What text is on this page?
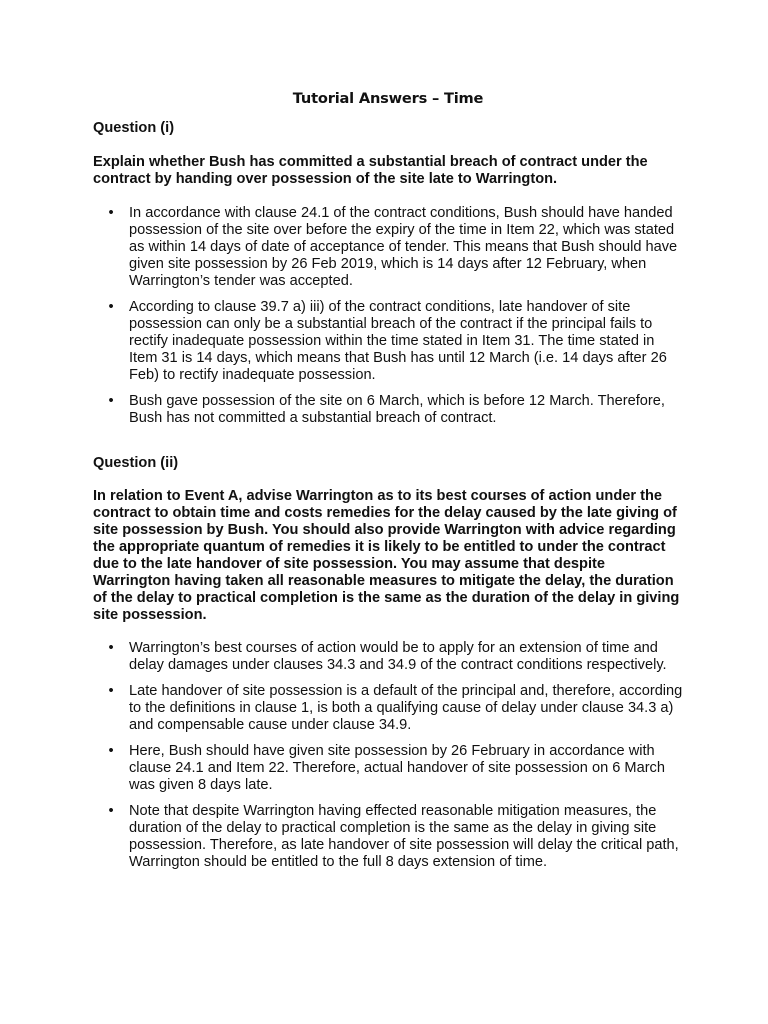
Tutorial Answers – Time
Question (i)
Explain whether Bush has committed a substantial breach of contract under the contract by handing over possession of the site late to Warrington.
• In accordance with clause 24.1 of the contract conditions, Bush should have handed possession of the site over before the expiry of the time in Item 22, which was stated as within 14 days of date of acceptance of tender. This means that Bush should have given site possession by 26 Feb 2019, which is 14 days after 12 February, when Warrington’s tender was accepted.
• According to clause 39.7 a) iii) of the contract conditions, late handover of site possession can only be a substantial breach of the contract if the principal fails to rectify inadequate possession within the time stated in Item 31. The time stated in Item 31 is 14 days, which means that Bush has until 12 March (i.e. 14 days after 26 Feb) to rectify inadequate possession.
• Bush gave possession of the site on 6 March, which is before 12 March. Therefore, Bush has not committed a substantial breach of contract.
Question (ii)
In relation to Event A, advise Warrington as to its best courses of action under the contract to obtain time and costs remedies for the delay caused by the late giving of site possession by Bush. You should also provide Warrington with advice regarding the appropriate quantum of remedies it is likely to be entitled to under the contract due to the late handover of site possession. You may assume that despite Warrington having taken all reasonable measures to mitigate the delay, the duration of the delay to practical completion is the same as the duration of the delay in giving site possession.
• Warrington’s best courses of action would be to apply for an extension of time and delay damages under clauses 34.3 and 34.9 of the contract conditions respectively.
• Late handover of site possession is a default of the principal and, therefore, according to the definitions in clause 1, is both a qualifying cause of delay under clause 34.3 a) and compensable cause under clause 34.9.
• Here, Bush should have given site possession by 26 February in accordance with clause 24.1 and Item 22. Therefore, actual handover of site possession on 6 March was given 8 days late.
• Note that despite Warrington having effected reasonable mitigation measures, the duration of the delay to practical completion is the same as the delay in giving site possession. Therefore, as late handover of site possession will delay the critical path, Warrington should be entitled to the full 8 days extension of time.
